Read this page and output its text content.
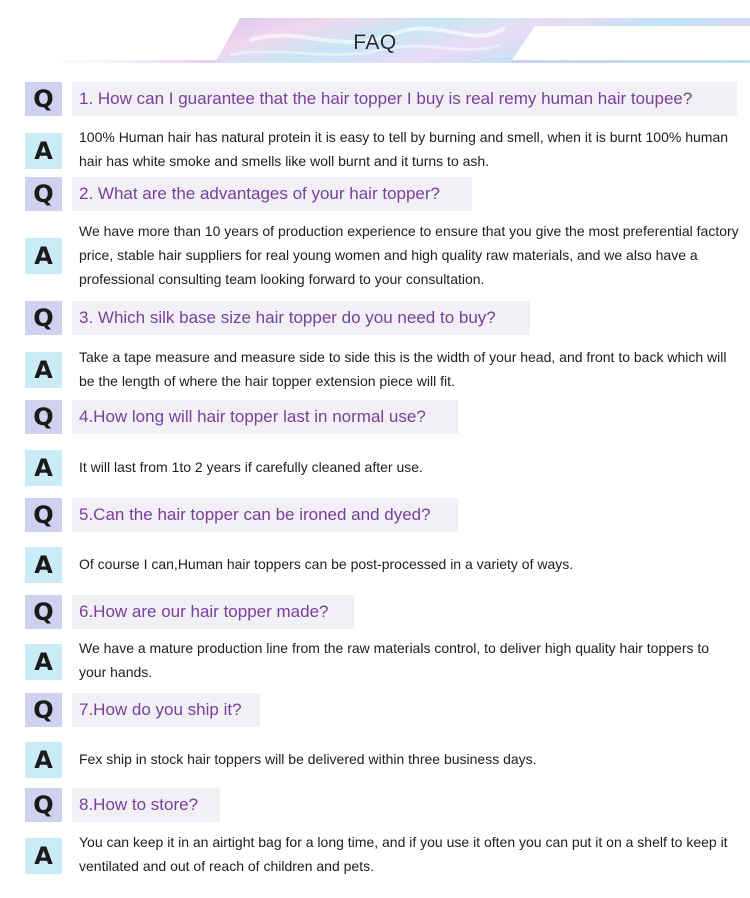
FAQ
Q	1. How can I guarantee that the hair topper I buy is real remy human hair toupee?
A	100% Human hair has natural protein it is easy to tell by burning and smell, when it is burnt 100% human hair has white smoke and smells like woll burnt and it turns to ash.
Q	2. What are the advantages of your hair topper?
A
We have more than 10 years of production experience to ensure that you give the most preferential factory price, stable hair suppliers for real young women and high quality raw materials, and we also have a professional consulting team looking forward to your consultation.
Q	3. Which silk base size hair topper do you need to buy?
A	Take a tape measure and measure side to side this is the width of your head, and front to back which will be the length of where the hair topper extension piece will fit.
Q	4.How long will hair topper last in normal use?
A	It will last from 1to 2 years if carefully cleaned after use.
Q	5.Can the hair topper can be ironed and dyed?
A	Of course I can,Human hair toppers can be post-processed in a variety of ways.
Q	6.How are our hair topper made?
A	We have a mature production line from the raw materials control, to deliver high quality hair toppers to your hands.
Q	7.How do you ship it?
A	Fex ship in stock hair toppers will be delivered within three business days.
Q	8.How to store?
A	You can keep it in an airtight bag for a long time, and if you use it often you can put it on a shelf to keep it ventilated and out of reach of children and pets.
